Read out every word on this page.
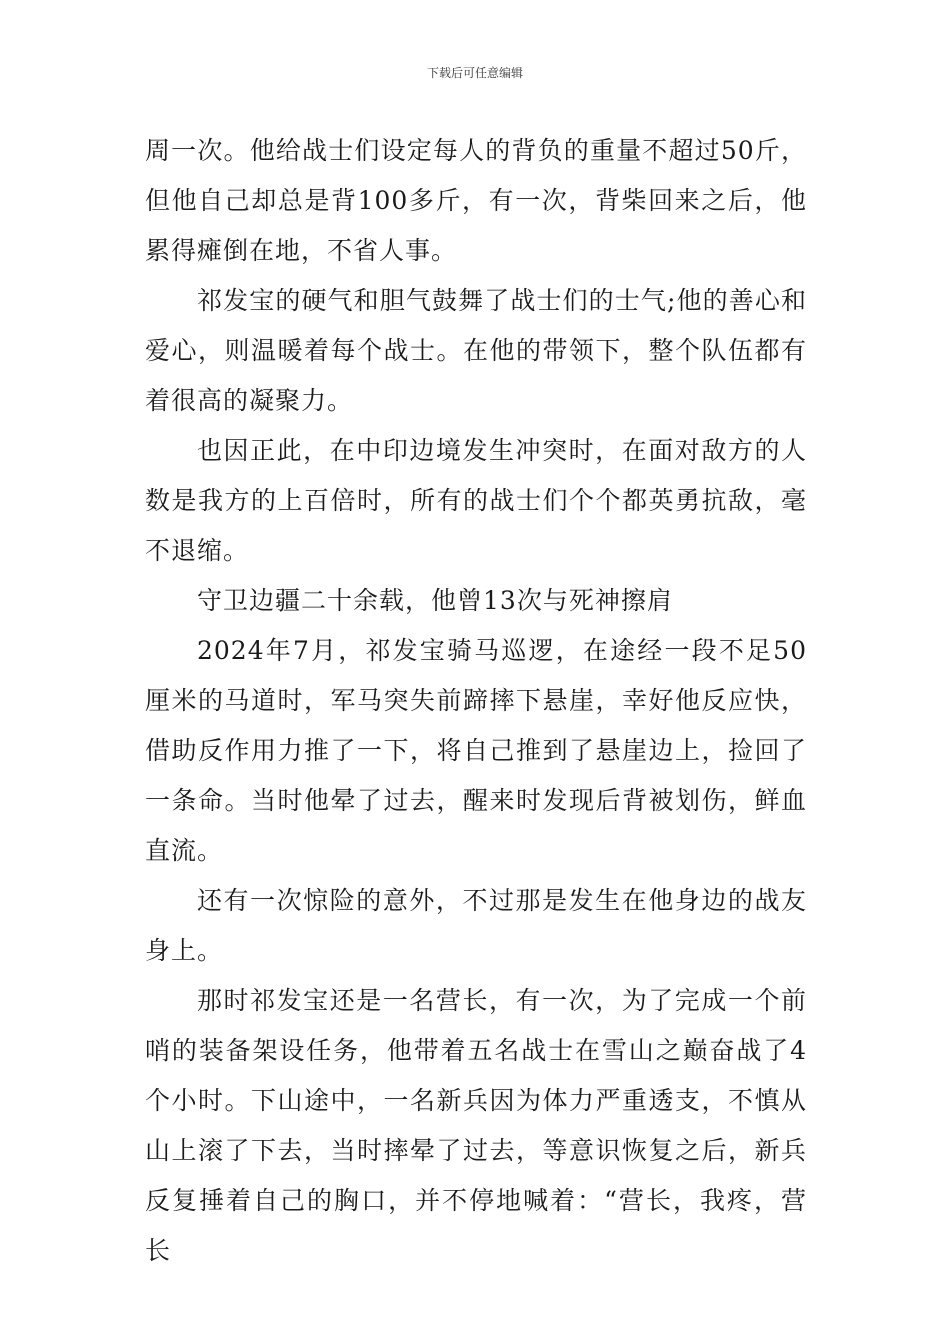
下载后可任意编辑

周一次。他给战士们设定每人的背负的重量不超过50斤，但他自己却总是背100多斤，有一次，背柴回来之后，他累得瘫倒在地，不省人事。

祁发宝的硬气和胆气鼓舞了战士们的士气;他的善心和爱心，则温暖着每个战士。在他的带领下，整个队伍都有着很高的凝聚力。

也因正此，在中印边境发生冲突时，在面对敌方的人数是我方的上百倍时，所有的战士们个个都英勇抗敌，毫不退缩。

守卫边疆二十余载，他曾13次与死神擦肩

2024年7月，祁发宝骑马巡逻，在途经一段不足50厘米的马道时，军马突失前蹄摔下悬崖，幸好他反应快，借助反作用力推了一下，将自己推到了悬崖边上，捡回了一条命。当时他晕了过去，醒来时发现后背被划伤，鲜血直流。

还有一次惊险的意外，不过那是发生在他身边的战友身上。

那时祁发宝还是一名营长，有一次，为了完成一个前哨的装备架设任务，他带着五名战士在雪山之巅奋战了4个小时。下山途中，一名新兵因为体力严重透支，不慎从山上滚了下去，当时摔晕了过去，等意识恢复之后，新兵反复捶着自己的胸口，并不停地喊着：“营长，我疼，营长
